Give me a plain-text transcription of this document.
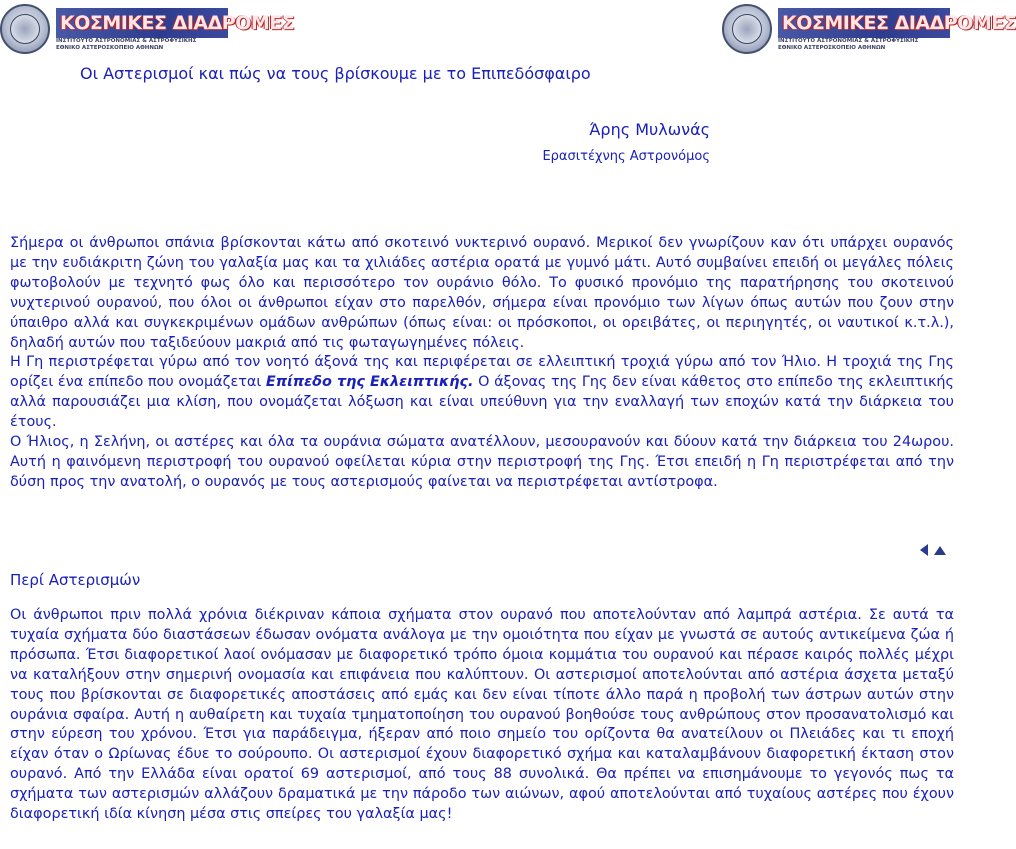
ΚΟΣΜΙΚΕΣ ΔΙΑΔΡΟΜΕΣ
ΙΝΣΤΙΤΟΥΤΟ ΑΣΤΡΟΝΟΜΙΑΣ & ΑΣΤΡΟΦΥΣΙΚΗΣ
ΕΘΝΙΚΟ ΑΣΤΕΡΟΣΚΟΠΕΙΟ ΑΘΗΝΩΝ
ΚΟΣΜΙΚΕΣ ΔΙΑΔΡΟΜΕΣ
ΙΝΣΤΙΤΟΥΤΟ ΑΣΤΡΟΝΟΜΙΑΣ & ΑΣΤΡΟΦΥΣΙΚΗΣ
ΕΘΝΙΚΟ ΑΣΤΕΡΟΣΚΟΠΕΙΟ ΑΘΗΝΩΝ
Οι Αστερισμοί και πώς να τους βρίσκουμε με το Επιπεδόσφαιρο
Άρης Μυλωνάς
Ερασιτέχνης Αστρονόμος

Σήμερα οι άνθρωποι σπάνια βρίσκονται κάτω από σκοτεινό νυκτερινό ουρανό. Μερικοί δεν γνωρίζουν καν ότι υπάρχει ουρανός με την ευδιάκριτη ζώνη του γαλαξία μας και τα χιλιάδες αστέρια ορατά με γυμνό μάτι. Αυτό συμβαίνει επειδή οι μεγάλες πόλεις φωτοβολούν με τεχνητό φως όλο και περισσότερο τον ουράνιο θόλο. Το φυσικό προνόμιο της παρατήρησης του σκοτεινού νυχτερινού ουρανού, που όλοι οι άνθρωποι είχαν στο παρελθόν, σήμερα είναι προνόμιο των λίγων όπως αυτών που ζουν στην ύπαιθρο αλλά και συγκεκριμένων ομάδων ανθρώπων (όπως είναι: οι πρόσκοποι, οι ορειβάτες, οι περιηγητές, οι ναυτικοί κ.τ.λ.), δηλαδή αυτών που ταξιδεύουν μακριά από τις φωταγωγημένες πόλεις.

Η Γη περιστρέφεται γύρω από τον νοητό άξονά της και περιφέρεται σε ελλειπτική τροχιά γύρω από τον Ήλιο. Η τροχιά της Γης ορίζει ένα επίπεδο που ονομάζεται Επίπεδο της Εκλειπτικής. Ο άξονας της Γης δεν είναι κάθετος στο επίπεδο της εκλειπτικής αλλά παρουσιάζει μια κλίση, που ονομάζεται λόξωση και είναι υπεύθυνη για την εναλλαγή των εποχών κατά την διάρκεια του έτους.

Ο Ήλιος, η Σελήνη, οι αστέρες και όλα τα ουράνια σώματα ανατέλλουν, μεσουρανούν και δύουν κατά την διάρκεια του 24ωρου. Αυτή η φαινόμενη περιστροφή του ουρανού οφείλεται κύρια στην περιστροφή της Γης. Έτσι επειδή η Γη περιστρέφεται από την δύση προς την ανατολή, ο ουρανός με τους αστερισμούς φαίνεται να περιστρέφεται αντίστροφα.

Περί Αστερισμών

Οι άνθρωποι πριν πολλά χρόνια διέκριναν κάποια σχήματα στον ουρανό που αποτελούνταν από λαμπρά αστέρια. Σε αυτά τα τυχαία σχήματα δύο διαστάσεων έδωσαν ονόματα ανάλογα με την ομοιότητα που είχαν με γνωστά σε αυτούς αντικείμενα ζώα ή πρόσωπα. Έτσι διαφορετικοί λαοί ονόμασαν με διαφορετικό τρόπο όμοια κομμάτια του ουρανού και πέρασε καιρός πολλές μέχρι να καταλήξουν στην σημερινή ονομασία και επιφάνεια που καλύπτουν. Οι αστερισμοί αποτελούνται από αστέρια άσχετα μεταξύ τους που βρίσκονται σε διαφορετικές αποστάσεις από εμάς και δεν είναι τίποτε άλλο παρά η προβολή των άστρων αυτών στην ουράνια σφαίρα. Αυτή η αυθαίρετη και τυχαία τμηματοποίηση του ουρανού βοηθούσε τους ανθρώπους στον προσανατολισμό και στην εύρεση του χρόνου. Έτσι για παράδειγμα, ήξεραν από ποιο σημείο του ορίζοντα θα ανατείλουν οι Πλειάδες και τι εποχή είχαν όταν ο Ωρίωνας έδυε το σούρουπο. Οι αστερισμοί έχουν διαφορετικό σχήμα και καταλαμβάνουν διαφορετική έκταση στον ουρανό. Από την Ελλάδα είναι ορατοί 69 αστερισμοί, από τους 88 συνολικά. Θα πρέπει να επισημάνουμε το γεγονός πως τα σχήματα των αστερισμών αλλάζουν δραματικά με την πάροδο των αιώνων, αφού αποτελούνται από τυχαίους αστέρες που έχουν διαφορετική ιδία κίνηση μέσα στις σπείρες του γαλαξία μας!
